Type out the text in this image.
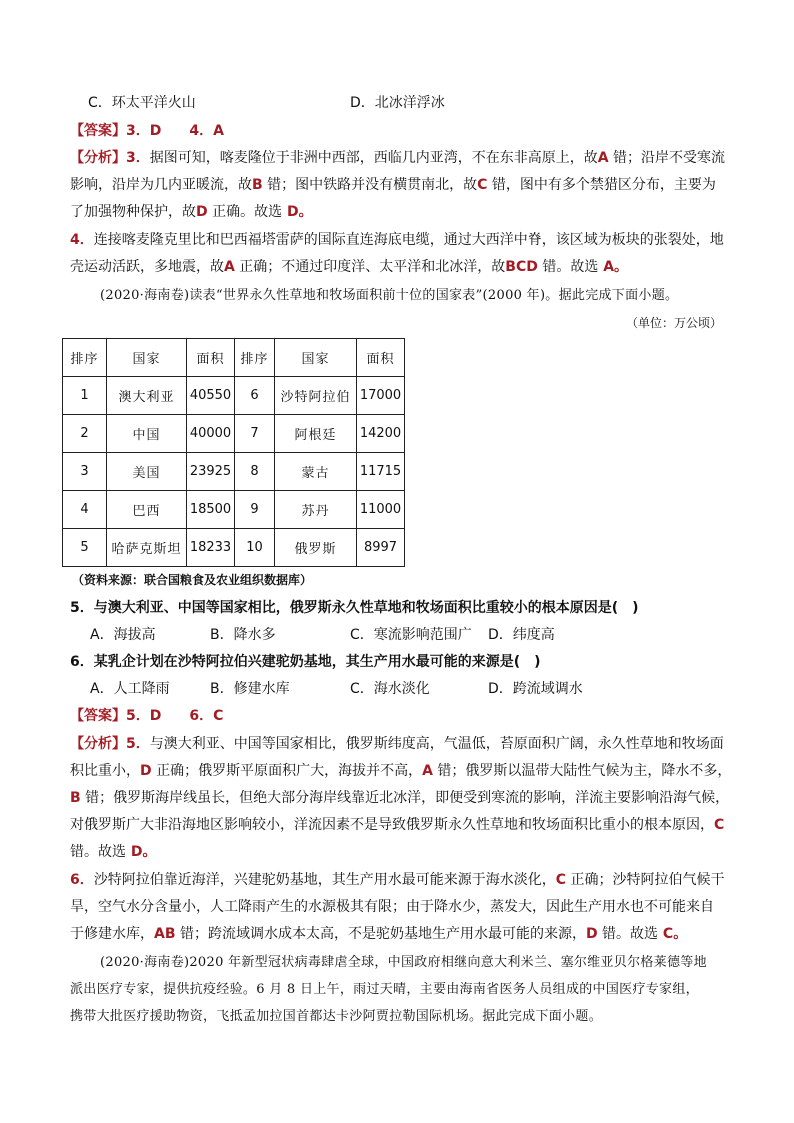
C．环太平洋火山	D．北冰洋浮冰
【答案】3．D　　4．A
【分析】3．据图可知，喀麦隆位于非洲中西部，西临几内亚湾，不在东非高原上，故A 错；沿岸不受寒流
影响，沿岸为几内亚暖流，故B 错；图中铁路并没有横贯南北，故C 错，图中有多个禁猎区分布，主要为
了加强物种保护，故D 正确。故选 D。
4．连接喀麦隆克里比和巴西福塔雷萨的国际直连海底电缆，通过大西洋中脊，该区域为板块的张裂处，地
壳运动活跃，多地震，故A 正确；不通过印度洋、太平洋和北冰洋，故BCD 错。故选 A。
(2020·海南卷)读表“世界永久性草地和牧场面积前十位的国家表”(2000 年)。据此完成下面小题。
（单位：万公顷）
排序	国家	面积	排序	国家	面积
1	澳大利亚	40550	6	沙特阿拉伯	17000
2	中国	40000	7	阿根廷	14200
3	美国	23925	8	蒙古	11715
4	巴西	18500	9	苏丹	11000
5	哈萨克斯坦	18233	10	俄罗斯	8997
（资料来源：联合国粮食及农业组织数据库）
5．与澳大利亚、中国等国家相比，俄罗斯永久性草地和牧场面积比重较小的根本原因是(　)
A．海拔高	B．降水多	C．寒流影响范围广 D．纬度高
6．某乳企计划在沙特阿拉伯兴建驼奶基地，其生产用水最可能的来源是(　)
A．人工降雨	B．修建水库	C．海水淡化	D．跨流域调水
【答案】5．D　　6．C
【分析】5．与澳大利亚、中国等国家相比，俄罗斯纬度高，气温低，苔原面积广阔，永久性草地和牧场面
积比重小，D 正确；俄罗斯平原面积广大，海拔并不高，A 错；俄罗斯以温带大陆性气候为主，降水不多，
B 错；俄罗斯海岸线虽长，但绝大部分海岸线靠近北冰洋，即便受到寒流的影响，洋流主要影响沿海气候，
对俄罗斯广大非沿海地区影响较小，洋流因素不是导致俄罗斯永久性草地和牧场面积比重小的根本原因，C
错。故选 D。
6．沙特阿拉伯靠近海洋，兴建驼奶基地，其生产用水最可能来源于海水淡化，C 正确；沙特阿拉伯气候干
旱，空气水分含量小，人工降雨产生的水源极其有限；由于降水少，蒸发大，因此生产用水也不可能来自
于修建水库，AB 错；跨流域调水成本太高，不是驼奶基地生产用水最可能的来源，D 错。故选 C。
(2020·海南卷)2020 年新型冠状病毒肆虐全球，中国政府相继向意大利米兰、塞尔维亚贝尔格莱德等地
派出医疗专家，提供抗疫经验。6 月 8 日上午，雨过天晴，主要由海南省医务人员组成的中国医疗专家组，
携带大批医疗援助物资，飞抵孟加拉国首都达卡沙阿贾拉勒国际机场。据此完成下面小题。
